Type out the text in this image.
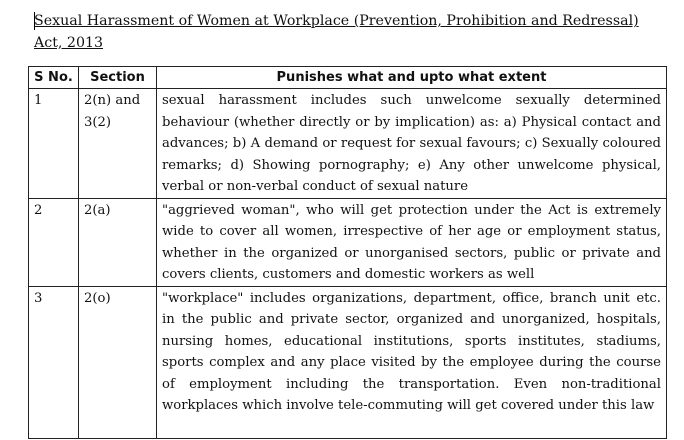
Sexual Harassment of Women at Workplace (Prevention, Prohibition and Redressal) Act, 2013
S No.	Section	Punishes what and upto what extent
1	2(n) and 3(2)	sexual harassment includes such unwelcome sexually determined behaviour (whether directly or by implication) as: a) Physical contact and advances; b) A demand or request for sexual favours; c) Sexually coloured remarks; d) Showing pornography; e) Any other unwelcome physical, verbal or non-verbal conduct of sexual nature
2	2(a)	"aggrieved woman", who will get protection under the Act is extremely wide to cover all women, irrespective of her age or employment status, whether in the organized or unorganised sectors, public or private and covers clients, customers and domestic workers as well
3	2(o)	"workplace" includes organizations, department, office, branch unit etc. in the public and private sector, organized and unorganized, hospitals, nursing homes, educational institutions, sports institutes, stadiums, sports complex and any place visited by the employee during the course of employment including the transportation. Even non-traditional workplaces which involve tele-commuting will get covered under this law
